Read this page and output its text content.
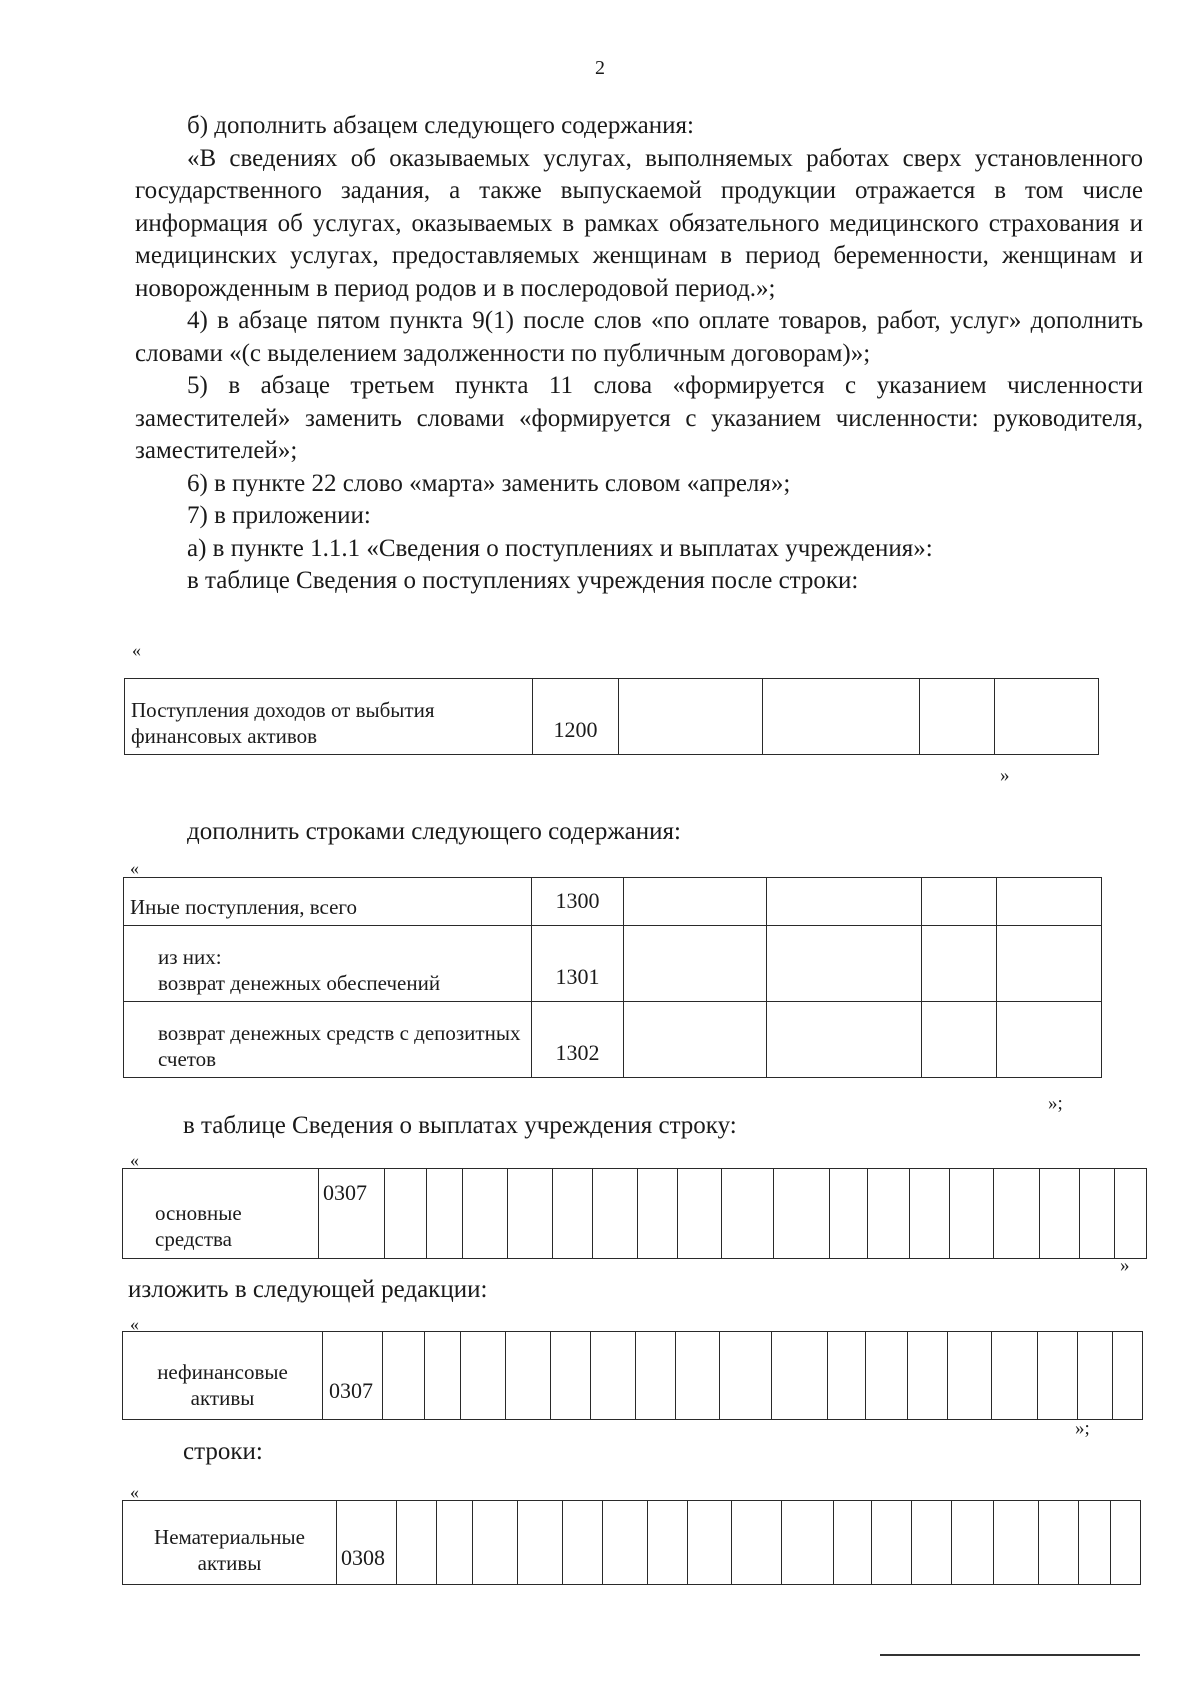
2

б) дополнить абзацем следующего содержания:

«В сведениях об оказываемых услугах, выполняемых работах сверх установленного государственного задания, а также выпускаемой продукции отражается в том числе информация об услугах, оказываемых в рамках обязательного медицинского страхования и медицинских услугах, предоставляемых женщинам в период беременности, женщинам и новорожденным в период родов и в послеродовой период.»;

4) в абзаце пятом пункта 9(1) после слов «по оплате товаров, работ, услуг» дополнить словами «(с выделением задолженности по публичным договорам)»;

5) в абзаце третьем пункта 11 слова «формируется с указанием численности заместителей» заменить словами «формируется с указанием численности: руководителя, заместителей»;

6) в пункте 22 слово «марта» заменить словом «апреля»;

7) в приложении:

а) в пункте 1.1.1 «Сведения о поступлениях и выплатах учреждения»:

в таблице Сведения о поступлениях учреждения после строки:

«
Поступления доходов от выбытия финансовых активов	1200				
»
дополнить строками следующего содержания:
«
Иные поступления, всего	1300				

из них:
возврат денежных обеспечений	1301				
возврат денежных средств с депозитных счетов	1302				
»;
в таблице Сведения о выплатах учреждения строку:
«
основные средства	0307																		
»
изложить в следующей редакции:
«
нефинансовые активы	0307																		
»;
строки:
«
Нематериальные активы	0308																		
